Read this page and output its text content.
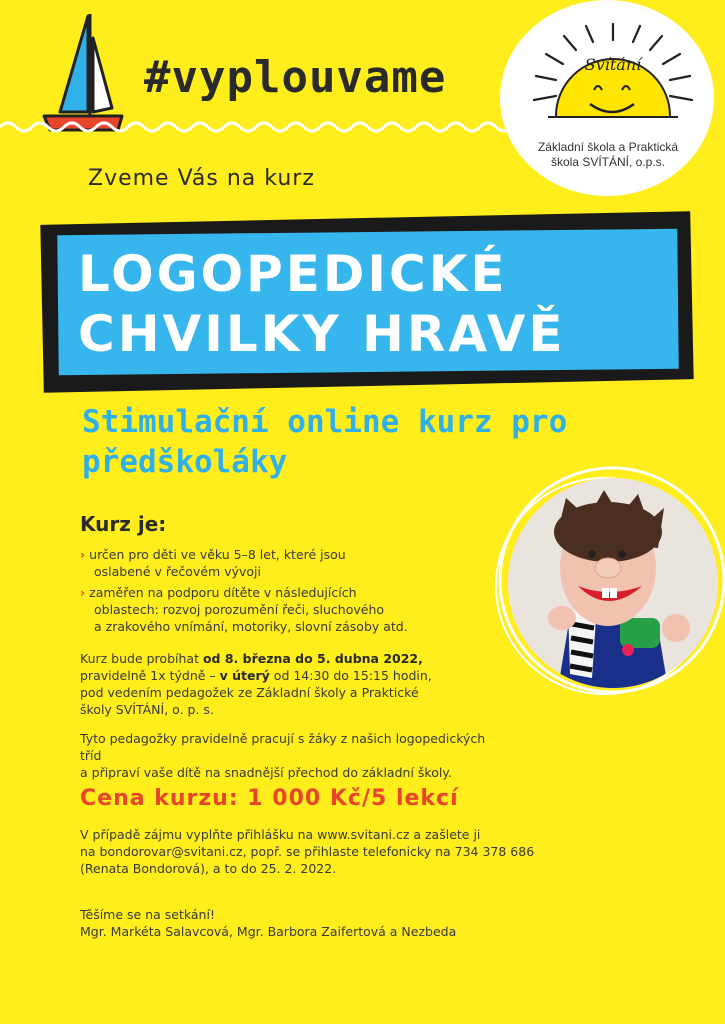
#vyplouvame	Svítání
Základní škola a Praktická
škola SVÍTÁNÍ, o.p.s.
Zveme Vás na kurz
LOGOPEDICKÉ
CHVILKY HRAVĚ
Stimulační online kurz pro
předškoláky
Kurz je:
› určen pro děti ve věku 5–8 let, které jsou
oslabené v řečovém vývoji
› zaměřen na podporu dítěte v následujících
oblastech: rozvoj porozumění řeči, sluchového
a zrakového vnímání, motoriky, slovní zásoby atd.
Kurz bude probíhat od 8. března do 5. dubna 2022,
pravidelně 1x týdně – v úterý od 14:30 do 15:15 hodin,
pod vedením pedagožek ze Základní školy a Praktické
školy SVÍTÁNÍ, o. p. s.
Tyto pedagožky pravidelně pracují s žáky z našich logopedických tříd
a připraví vaše dítě na snadnější přechod do základní školy.
Cena kurzu: 1 000 Kč/5 lekcí
V případě zájmu vyplňte přihlášku na www.svitani.cz a zašlete ji
na bondorovar@svitani.cz, popř. se přihlaste telefonicky na 734 378 686
(Renata Bondorová), a to do 25. 2. 2022.
Těšíme se na setkání!
Mgr. Markéta Salavcová, Mgr. Barbora Zaifertová a Nezbeda
